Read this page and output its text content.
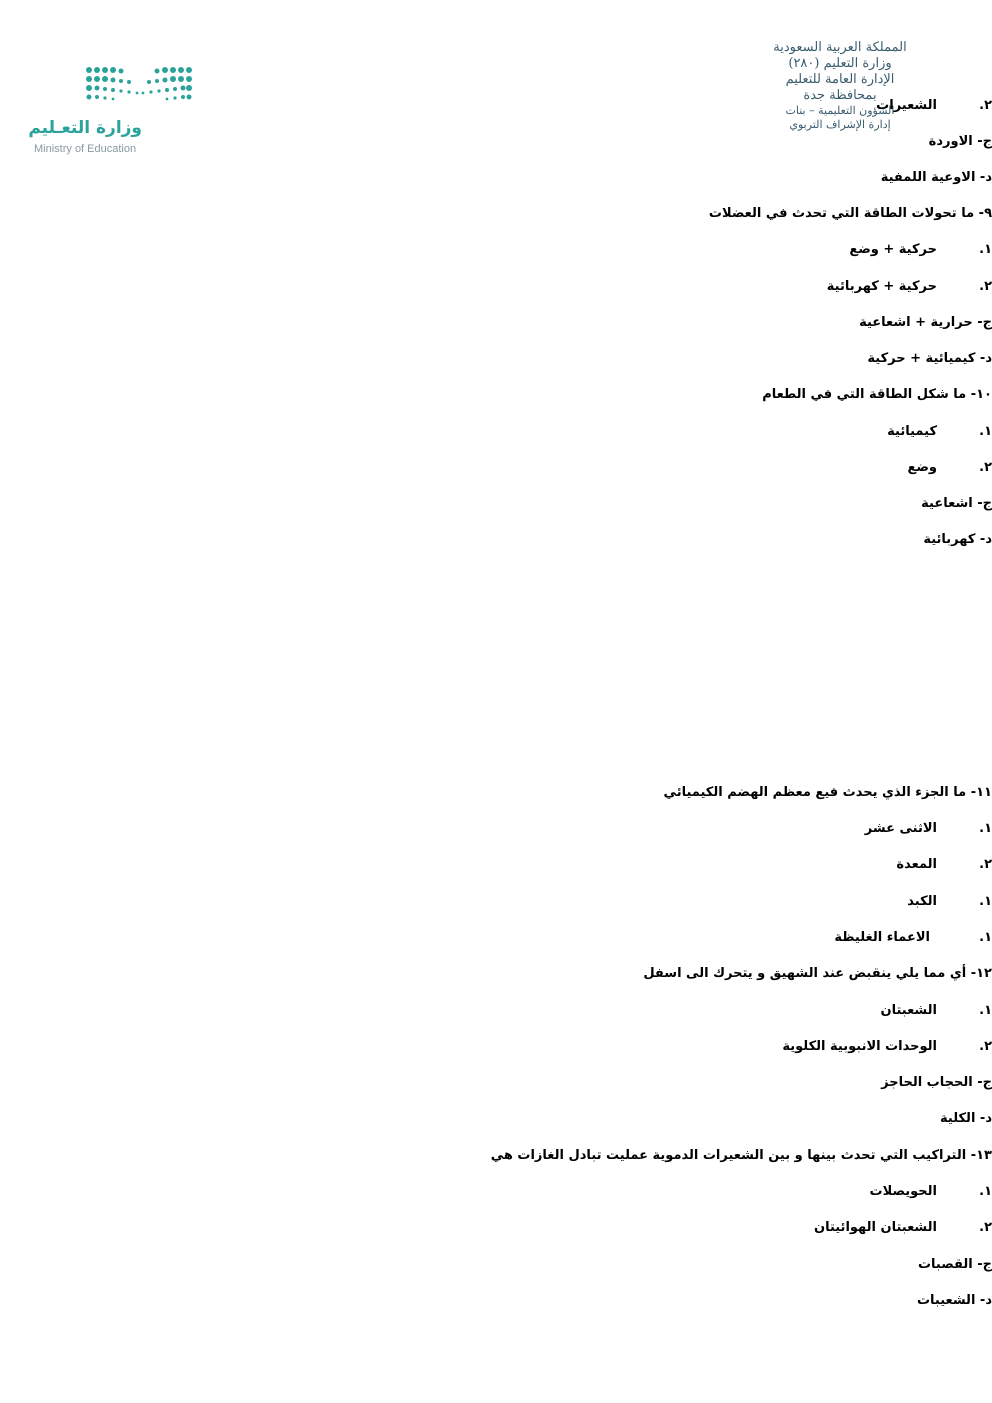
المملكة العربية السعودية
وزارة التعليم (٢٨٠)
الإدارة العامة للتعليم
بمحافظة جدة
الشؤون التعليمية – بنات
إدارة الإشراف التربوي
وزارة التعـليم
Ministry of Education
٢.الشعيرات
ج- الاوردة
د- الاوعية اللمفية
٩- ما تحولات الطاقة التي تحدث في العضلات
١.حركية + وضع
٢.حركية + كهربائية
ج- حرارية + اشعاعية
د- كيميائية + حركية
١٠- ما شكل الطاقة التي في الطعام
١.كيميائية
٢.وضع
ج- اشعاعية
د- كهربائية
١١- ما الجزء الذي يحدث فيع معظم الهضم الكيميائي
١.الاثنى عشر
٢.المعدة
١.الكبد
١.الاعماء الغليظة
١٢- أي مما يلي ينقبض عند الشهيق و يتحرك الى اسفل
١.الشعبتان
٢.الوحدات الانبوبية الكلوية
ج- الحجاب الحاجز
د- الكلية
١٣- التراكيب التي تحدث بينها و بين الشعيرات الدموية عمليت تبادل الغازات هي
١.الحويصلات
٢.الشعبتان الهوائيتان
ج- القصبات
د- الشعيبات
